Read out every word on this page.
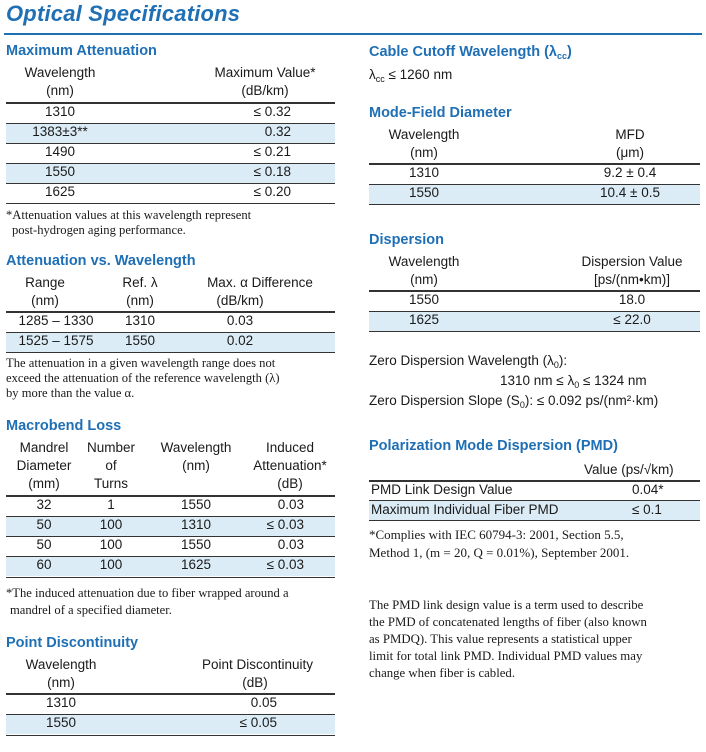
Optical Specifications
Maximum Attenuation
Wavelength
(nm)
Maximum Value*
(dB/km)
1310	≤ 0.32
1383±3**	0.32
1490	≤ 0.21
1550	≤ 0.18
1625	≤ 0.20
*Attenuation values at this wavelength represent
post-hydrogen aging performance.
Attenuation vs. Wavelength
Range
(nm)
Ref. λ
(nm)
Max. α Difference
(dB/km)
1285 – 1330	1310	0.03
1525 – 1575	1550	0.02
The attenuation in a given wavelength range does not
exceed the attenuation of the reference wavelength (λ)
by more than the value α.
Macrobend Loss
Mandrel
Diameter
(mm)
Number
of
Turns
Wavelength
(nm)
Induced
Attenuation*
(dB)
32	1	1550	0.03
50	100	1310	≤ 0.03
50	100	1550	0.03
60	100	1625	≤ 0.03
*The induced attenuation due to fiber wrapped around a
mandrel of a specified diameter.
Point Discontinuity
Wavelength
(nm)
Point Discontinuity
(dB)
1310	0.05
1550	≤ 0.05
Cable Cutoff Wavelength $(\lambda_{cc})$
$\lambda_{cc} \le 1260$ nm
Mode-Field Diameter
Wavelength
(nm)
MFD
(μm)
1310	9.2 ± 0.4
1550	10.4 ± 0.5
Dispersion
Wavelength
(nm)
Dispersion Value
[ps/(nm•km)]
1550	18.0
1625	≤ 22.0
Zero Dispersion Wavelength $(\lambda_0)$:
1310 nm ≤ $\lambda_0 \le 1324$ nm
Zero Dispersion Slope $(S_0)$: ≤ 0.092 ps/(nm²·km)
Polarization Mode Dispersion (PMD)
Value (ps/√km)
PMD Link Design Value	0.04*
Maximum Individual Fiber PMD	≤ 0.1
*Complies with IEC 60794-3: 2001, Section 5.5,
Method 1, (m = 20, Q = 0.01%), September 2001.
The PMD link design value is a term used to describe
the PMD of concatenated lengths of fiber (also known
as PMDQ). This value represents a statistical upper
limit for total link PMD. Individual PMD values may
change when fiber is cabled.
